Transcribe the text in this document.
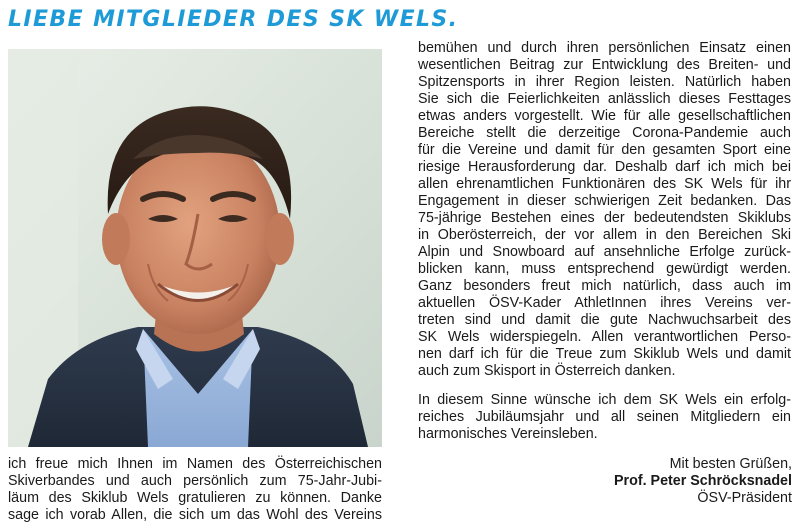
LIEBE MITGLIEDER DES SK WELS.
ich freue mich Ihnen im Namen des Österreichischen
Skiverbandes und auch persönlich zum 75-Jahr-Jubi-
läum des Skiklub Wels gratulieren zu können. Danke
sage ich vorab Allen, die sich um das Wohl des Vereins
bemühen und durch ihren persönlichen Einsatz einen
wesentlichen Beitrag zur Entwicklung des Breiten- und
Spitzensports in ihrer Region leisten. Natürlich haben
Sie sich die Feierlichkeiten anlässlich dieses Festtages
etwas anders vorgestellt. Wie für alle gesellschaftlichen
Bereiche stellt die derzeitige Corona-Pandemie auch
für die Vereine und damit für den gesamten Sport eine
riesige Herausforderung dar. Deshalb darf ich mich bei
allen ehrenamtlichen Funktionären des SK Wels für ihr
Engagement in dieser schwierigen Zeit bedanken. Das
75-jährige Bestehen eines der bedeutendsten Skiklubs
in Oberösterreich, der vor allem in den Bereichen Ski
Alpin und Snowboard auf ansehnliche Erfolge zurück-
blicken kann, muss entsprechend gewürdigt werden.
Ganz besonders freut mich natürlich, dass auch im
aktuellen ÖSV-Kader AthletInnen ihres Vereins ver-
treten sind und damit die gute Nachwuchsarbeit des
SK Wels widerspiegeln. Allen verantwortlichen Perso-
nen darf ich für die Treue zum Skiklub Wels und damit
auch zum Skisport in Österreich danken.
In diesem Sinne wünsche ich dem SK Wels ein erfolg-
reiches Jubiläumsjahr und all seinen Mitgliedern ein
harmonisches Vereinsleben.
Mit besten Grüßen,
Prof. Peter Schröcksnadel
ÖSV-Präsident
